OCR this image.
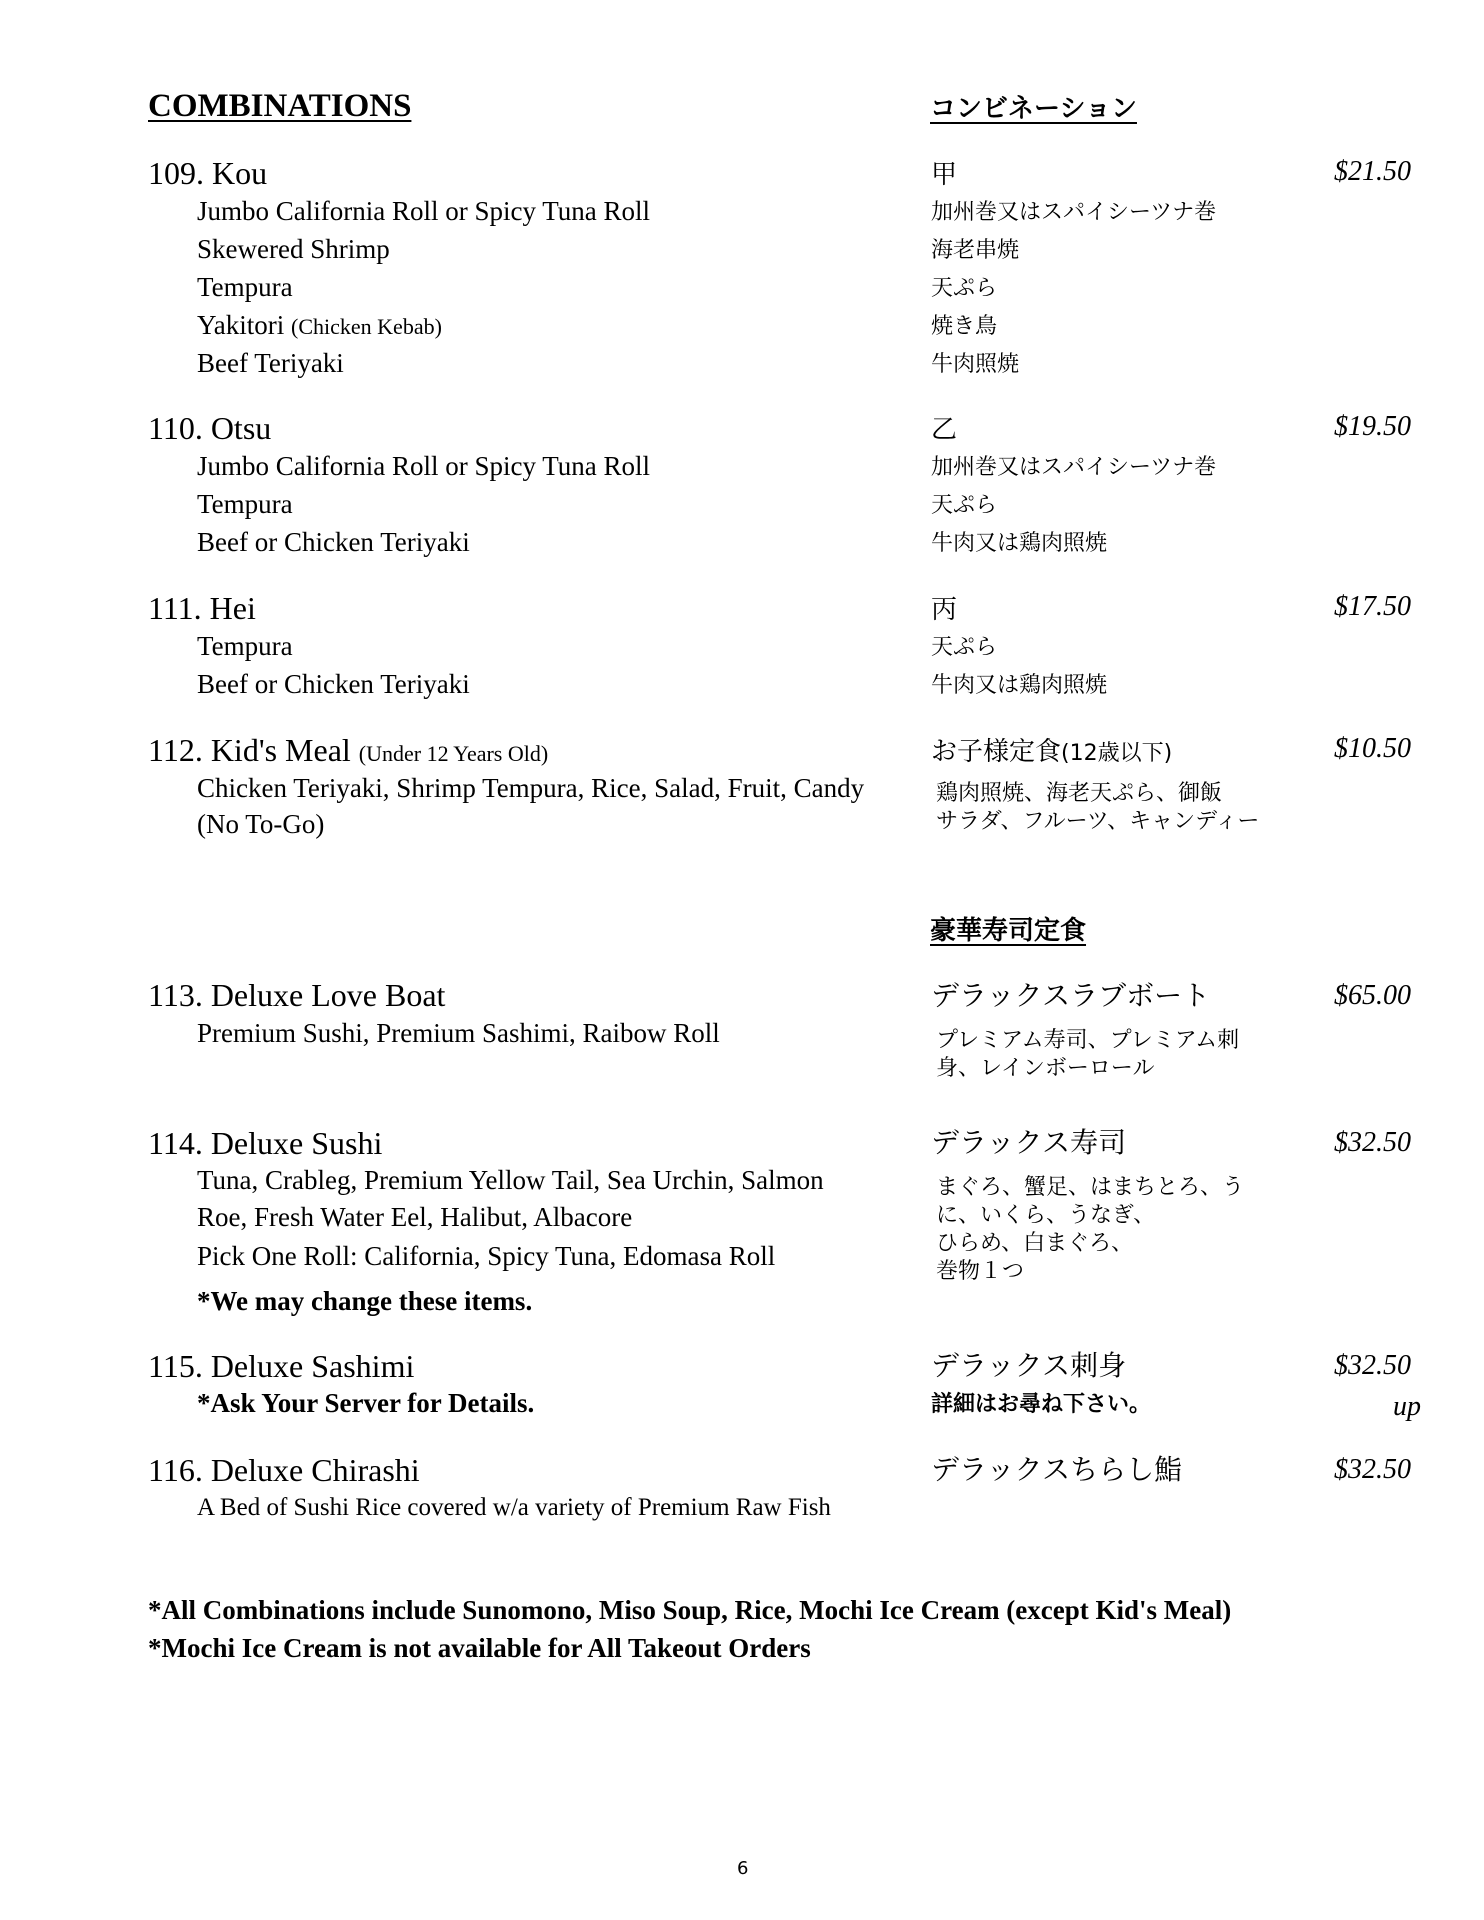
COMBINATIONS	コンビネーション
109. Kou
Jumbo California Roll or Spicy Tuna Roll
Skewered Shrimp
Tempura
Yakitori (Chicken Kebab)
Beef Teriyaki
甲
加州巻又はスパイシーツナ巻
海老串焼
天ぷら
焼き鳥
牛肉照焼
$21.50
110. Otsu
Jumbo California Roll or Spicy Tuna Roll
Tempura
Beef or Chicken Teriyaki
乙
加州巻又はスパイシーツナ巻
天ぷら
牛肉又は鶏肉照焼
$19.50
111. Hei
Tempura
Beef or Chicken Teriyaki
丙
天ぷら
牛肉又は鶏肉照焼
$17.50
112. Kid's Meal (Under 12 Years Old)
Chicken Teriyaki, Shrimp Tempura, Rice, Salad, Fruit, Candy
(No To-Go)
お子様定食(12歳以下)
鶏肉照焼、海老天ぷら、御飯
サラダ、フルーツ、キャンディー
$10.50
豪華寿司定食
113. Deluxe Love Boat
Premium Sushi, Premium Sashimi, Raibow Roll
デラックスラブボート
プレミアム寿司、プレミアム刺
身、レインボーロール
$65.00
114. Deluxe Sushi
Tuna, Crableg, Premium Yellow Tail, Sea Urchin, Salmon
Roe, Fresh Water Eel, Halibut, Albacore
Pick One Roll: California, Spicy Tuna, Edomasa Roll
*We may change these items.
デラックス寿司
まぐろ、蟹足、はまちとろ、う
に、いくら、うなぎ、
ひらめ、白まぐろ、
巻物１つ
$32.50
115. Deluxe Sashimi
*Ask Your Server for Details.
デラックス刺身
詳細はお尋ね下さい。
$32.50
up
116. Deluxe Chirashi
A Bed of Sushi Rice covered w/a variety of Premium Raw Fish
デラックスちらし鮨	$32.50
*All Combinations include Sunomono, Miso Soup, Rice, Mochi Ice Cream (except Kid's Meal)
*Mochi Ice Cream is not available for All Takeout Orders
6
